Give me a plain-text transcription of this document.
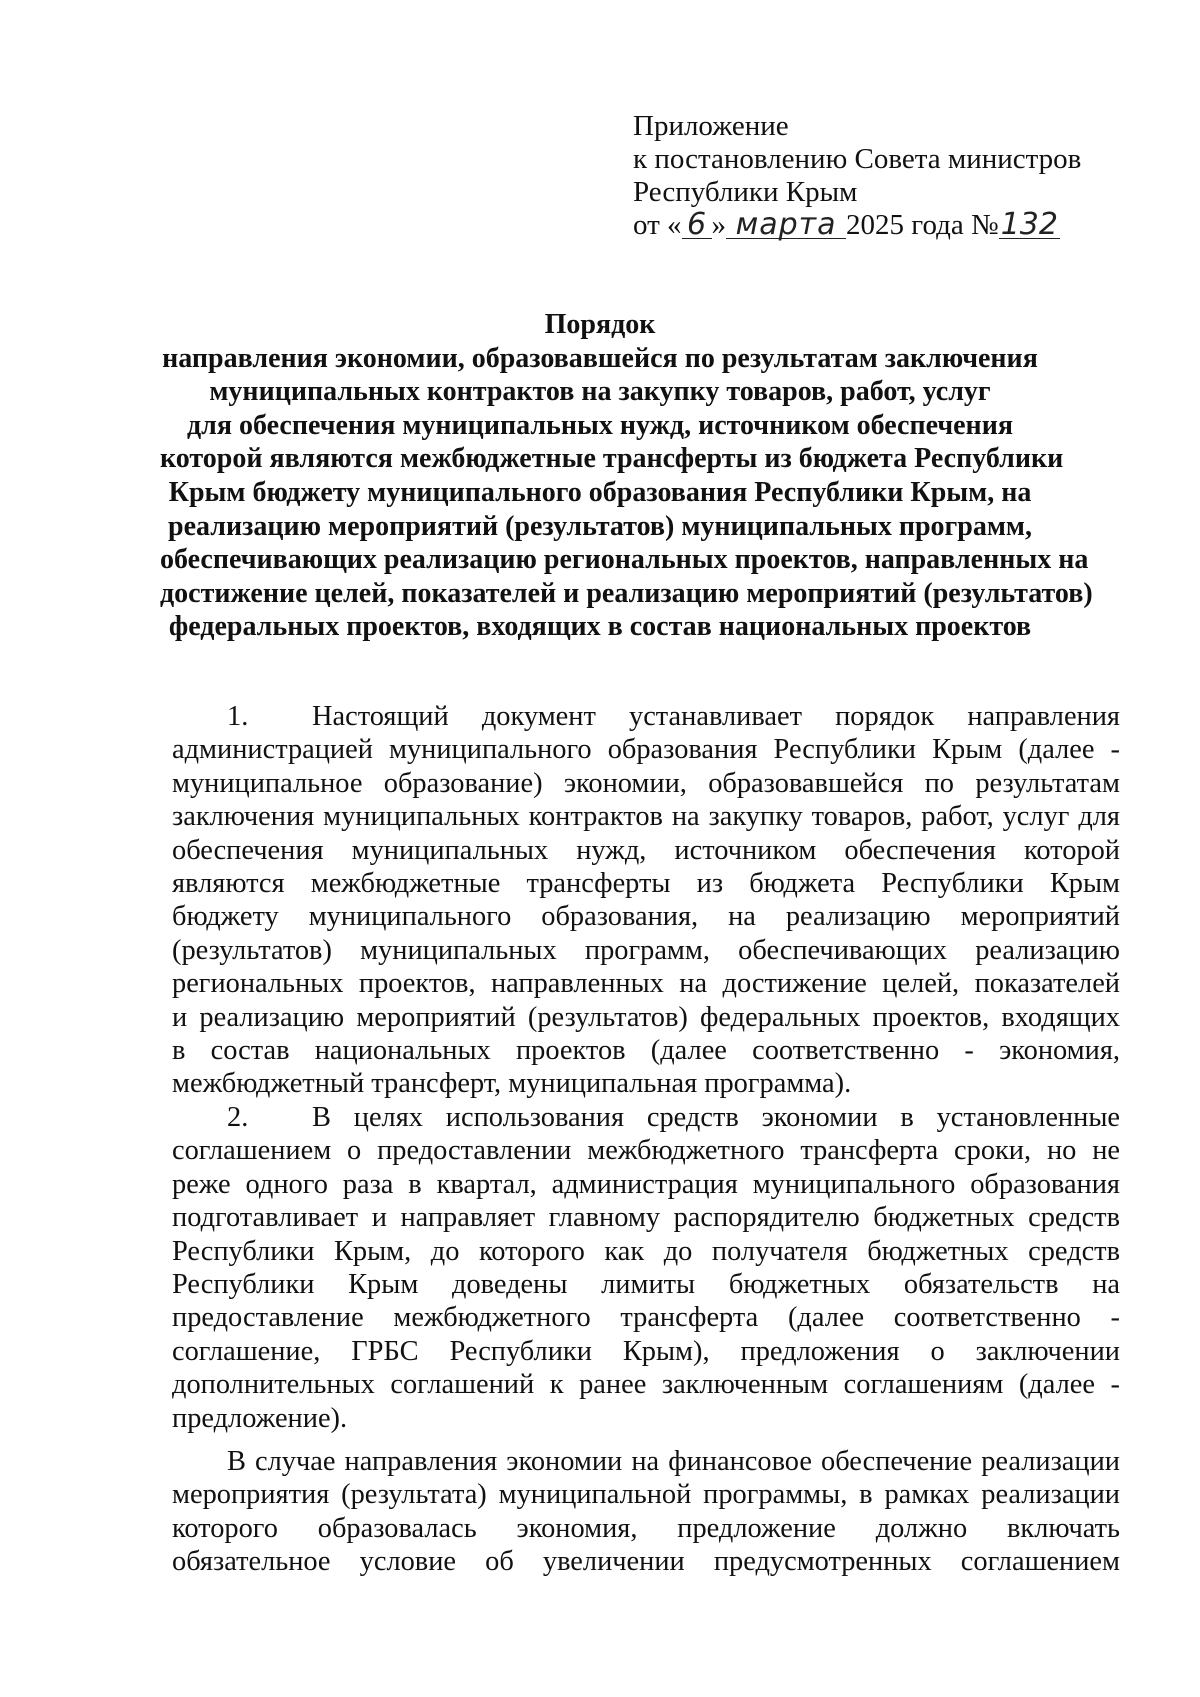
Приложение
к постановлению Совета министров
Республики Крым
от « 6 » марта 2025 года №132
Порядок
направления экономии, образовавшейся по результатам заключения
муниципальных контрактов на закупку товаров, работ, услуг
для обеспечения муниципальных нужд, источником обеспечения
которой являются межбюджетные трансферты из бюджета Республики
Крым бюджету муниципального образования Республики Крым, на
реализацию мероприятий (результатов) муниципальных программ,
обеспечивающих реализацию региональных проектов, направленных на
достижение целей, показателей и реализацию мероприятий (результатов)
федеральных проектов, входящих в состав национальных проектов
1.	Настоящий документ устанавливает порядок направления
администрацией муниципального образования Республики Крым (далее -
муниципальное образование) экономии, образовавшейся по результатам
заключения муниципальных контрактов на закупку товаров, работ, услуг для
обеспечения муниципальных нужд, источником обеспечения которой
являются межбюджетные трансферты из бюджета Республики Крым
бюджету муниципального образования, на реализацию мероприятий
(результатов) муниципальных программ, обеспечивающих реализацию
региональных проектов, направленных на достижение целей, показателей
и реализацию мероприятий (результатов) федеральных проектов, входящих
в состав национальных проектов (далее соответственно - экономия,
межбюджетный трансферт, муниципальная программа).
2.	В целях использования средств экономии в установленные
соглашением о предоставлении межбюджетного трансферта сроки, но не
реже одного раза в квартал, администрация муниципального образования
подготавливает и направляет главному распорядителю бюджетных средств
Республики Крым, до которого как до получателя бюджетных средств
Республики Крым доведены лимиты бюджетных обязательств на
предоставление межбюджетного трансферта (далее соответственно -
соглашение, ГРБС Республики Крым), предложения о заключении
дополнительных соглашений к ранее заключенным соглашениям (далее -
предложение).
В случае направления экономии на финансовое обеспечение реализации
мероприятия (результата) муниципальной программы, в рамках реализации
которого образовалась экономия, предложение должно включать
обязательное условие об увеличении предусмотренных соглашением
